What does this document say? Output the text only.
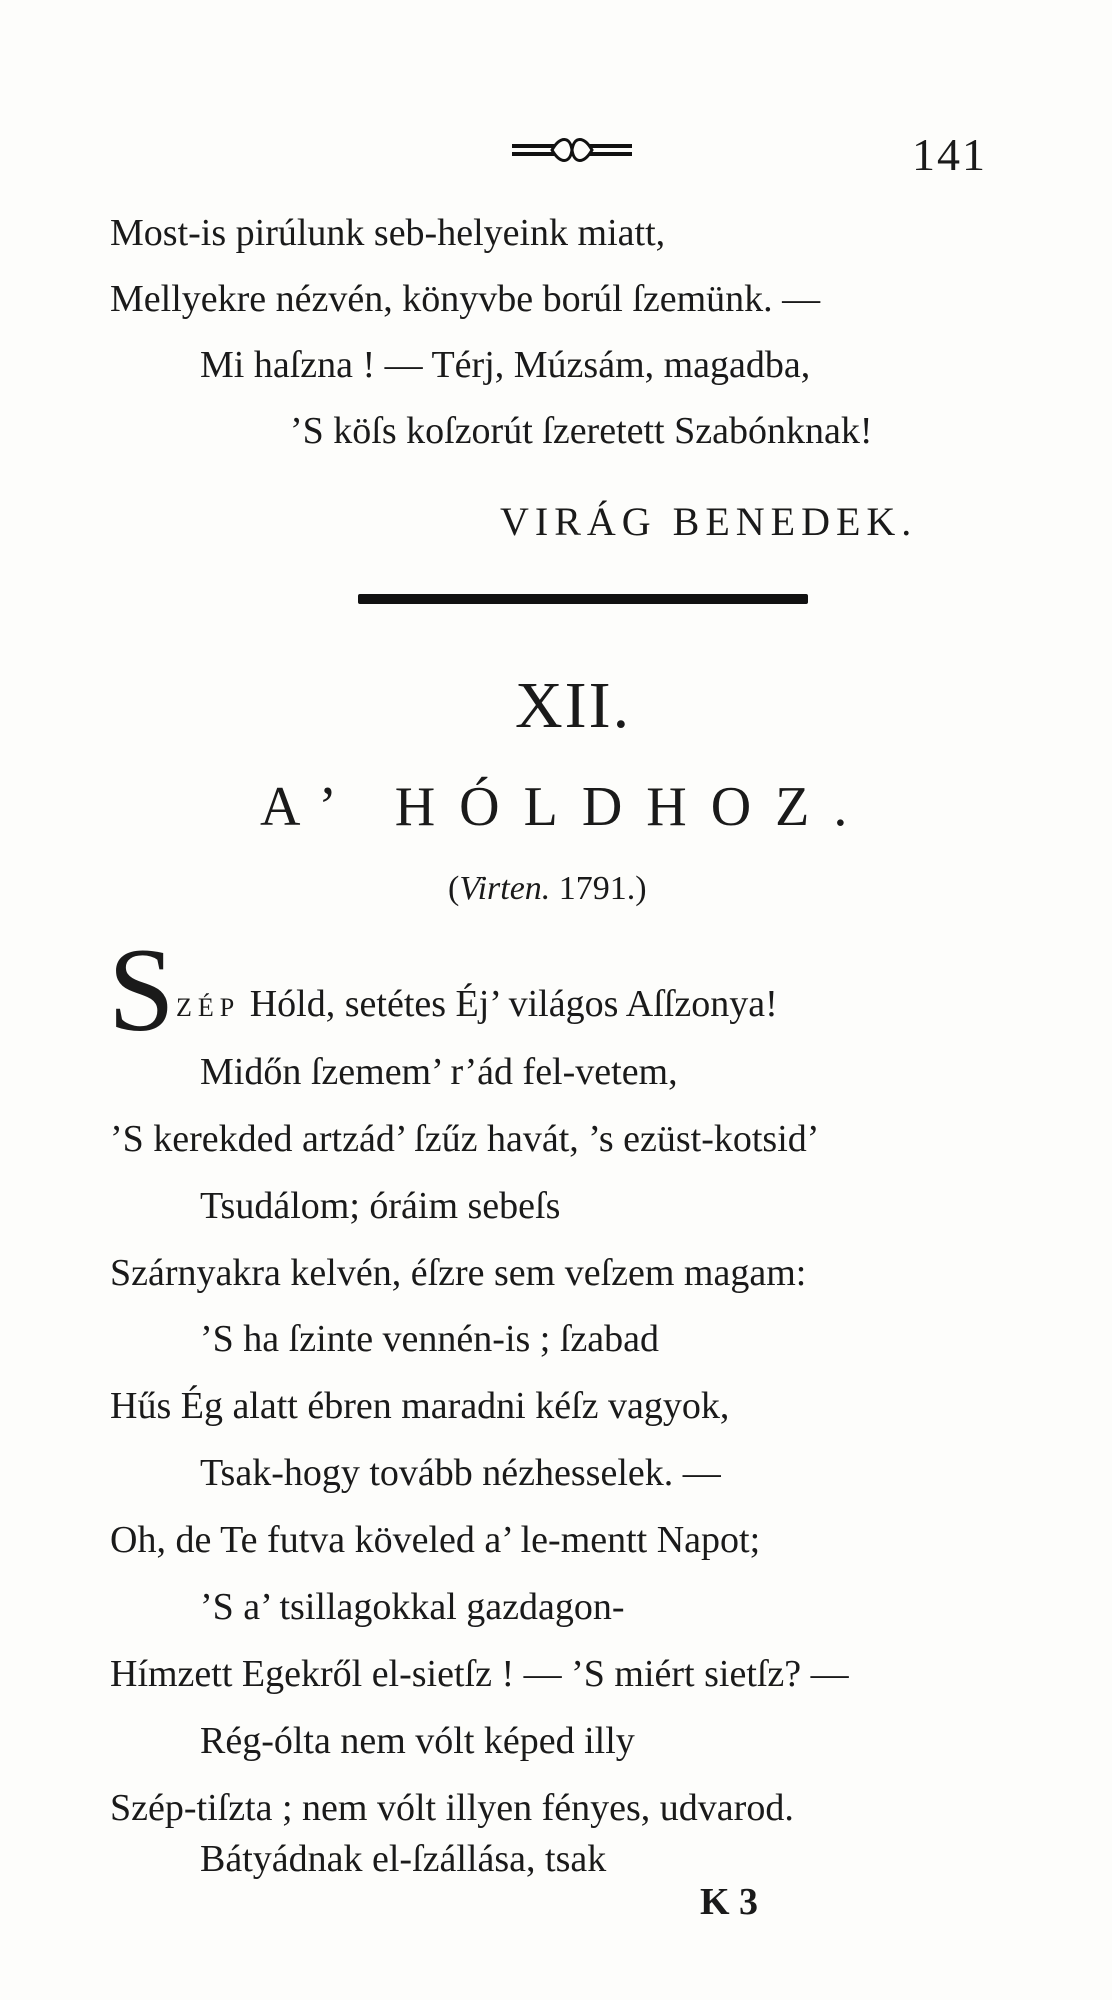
141
Most-is pirúlunk seb-helyeink miatt,
Mellyekre nézvén, könyvbe borúl ſzemünk. —
Mi haſzna ! — Térj, Múzsám, magadba,
’S köſs koſzorút ſzeretett Szabónknak!
VIRÁG BENEDEK.
XII.
A’ HÓLDHOZ.
(Virten. 1791.)
S ZÉP Hóld, setétes Éj’ világos Aſſzonya!
Midőn ſzemem’ r’ád fel-vetem,
’S kerekded artzád’ ſzűz havát, ’s ezüst-kotsid’
Tsudálom; óráim sebeſs
Szárnyakra kelvén, éſzre sem veſzem magam:
’S ha ſzinte vennén-is ; ſzabad
Hűs Ég alatt ébren maradni kéſz vagyok,
Tsak-hogy tovább nézhesselek. —
Oh, de Te futva köveled a’ le-mentt Napot;
’S a’ tsillagokkal gazdagon-
Hímzett Egekről el-sietſz ! — ’S miért sietſz? —
Rég-ólta nem vólt képed illy
Szép-tiſzta ; nem vólt illyen fényes, udvarod.
Bátyádnak el-ſzállása, tsak
K 3
